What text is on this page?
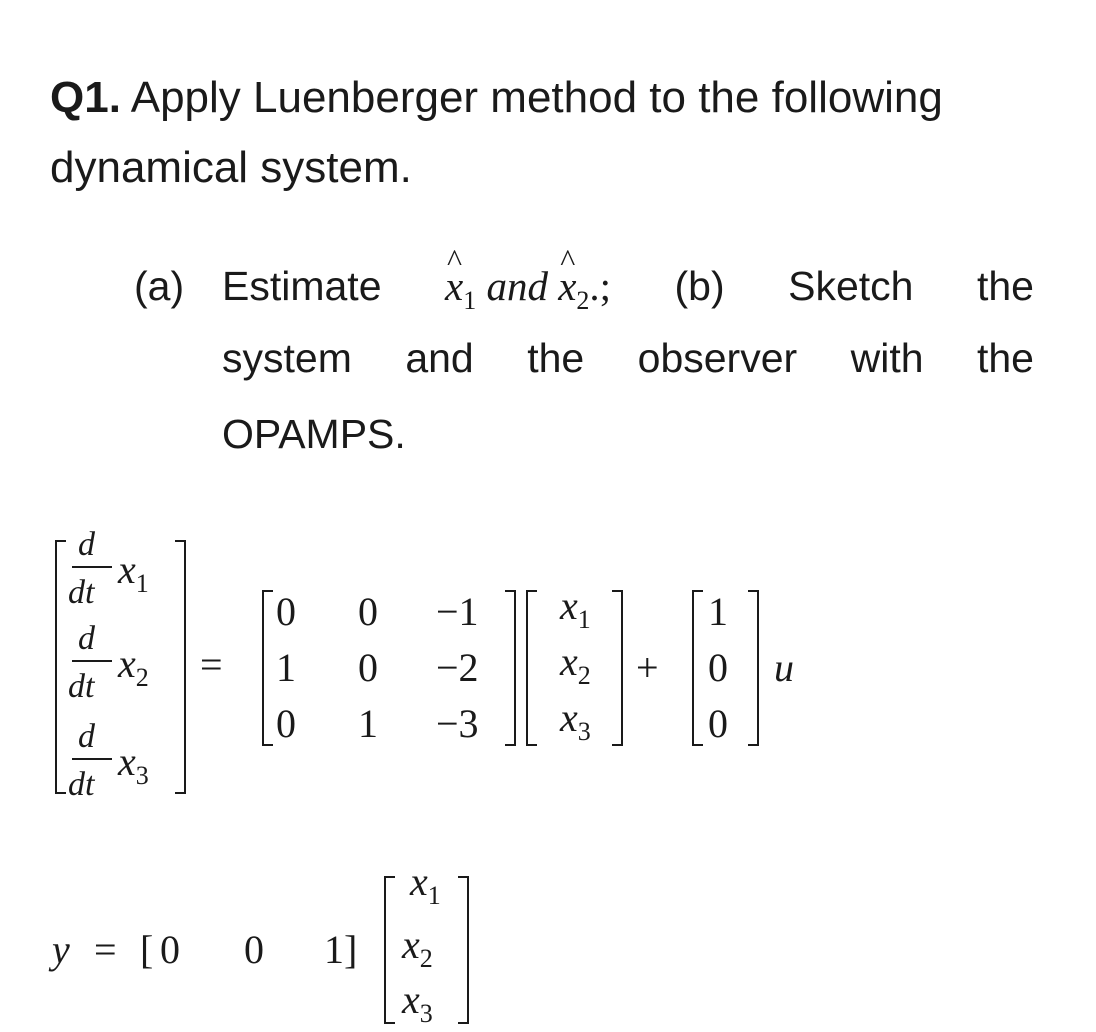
Q1. Apply Luenberger method to the following
dynamical system.
(a) Estimate ^ $x_1$ and ^ $x_2$.; (b) Sketch the
system and the observer with the
OPAMPS.
d
dt
$x_1$
d
dt
$x_2$
d
dt
$x_3$
=
0 0 −1
1 0 −2
0 1 −3
$x_1$
$x_2$
$x_3$
+
1
0
0
u
y = [ 0 0 1 ]
$x_1$
$x_2$
$x_3$
